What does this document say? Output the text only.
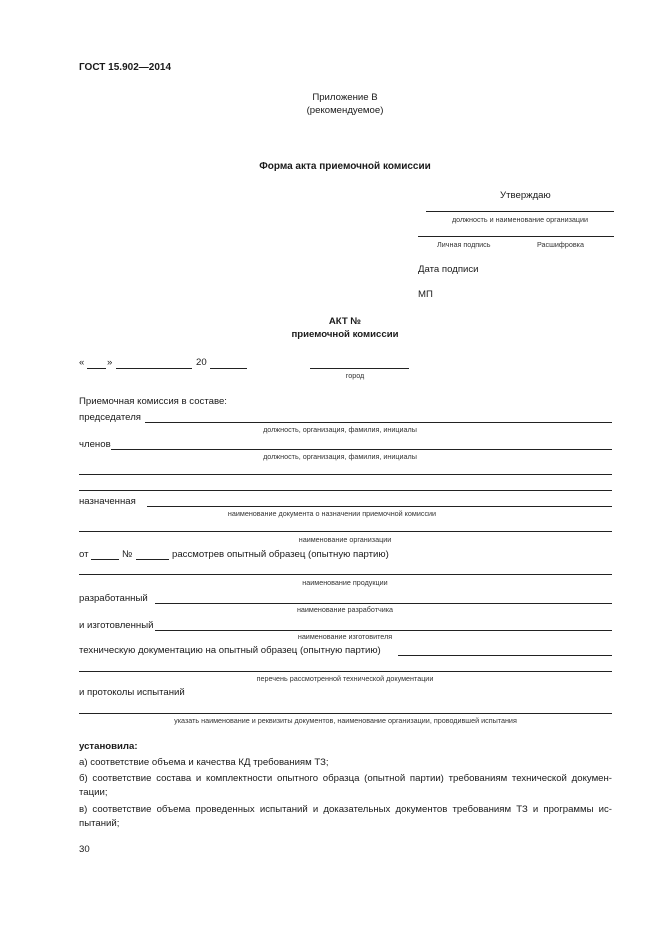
ГОСТ 15.902—2014
Приложение В
(рекомендуемое)
Форма акта приемочной комиссии
Утверждаю
должность и наименование организации
Личная подпись	Расшифровка
Дата подписи
МП
АКТ №
приемочной комиссии
« »	20
город
Приемочная комиссия в составе:
председателя
должность, организация, фамилия, инициалы
членов
должность, организация, фамилия, инициалы
назначенная
наименование документа о назначении приемочной комиссии
наименование организации
от	№	рассмотрев опытный образец (опытную партию)
наименование продукции
разработанный
наименование разработчика
и изготовленный
наименование изготовителя
техническую документацию на опытный образец (опытную партию)
перечень рассмотренной технической документации
и протоколы испытаний
указать наименование и реквизиты документов, наименование организации, проводившей испытания
установила:
а) соответствие объема и качества КД требованиям ТЗ;
б) соответствие состава и комплектности опытного образца (опытной партии) требованиям технической докумен-
тации;
в) соответствие объема проведенных испытаний и доказательных документов требованиям ТЗ и программы ис-
пытаний;
30
